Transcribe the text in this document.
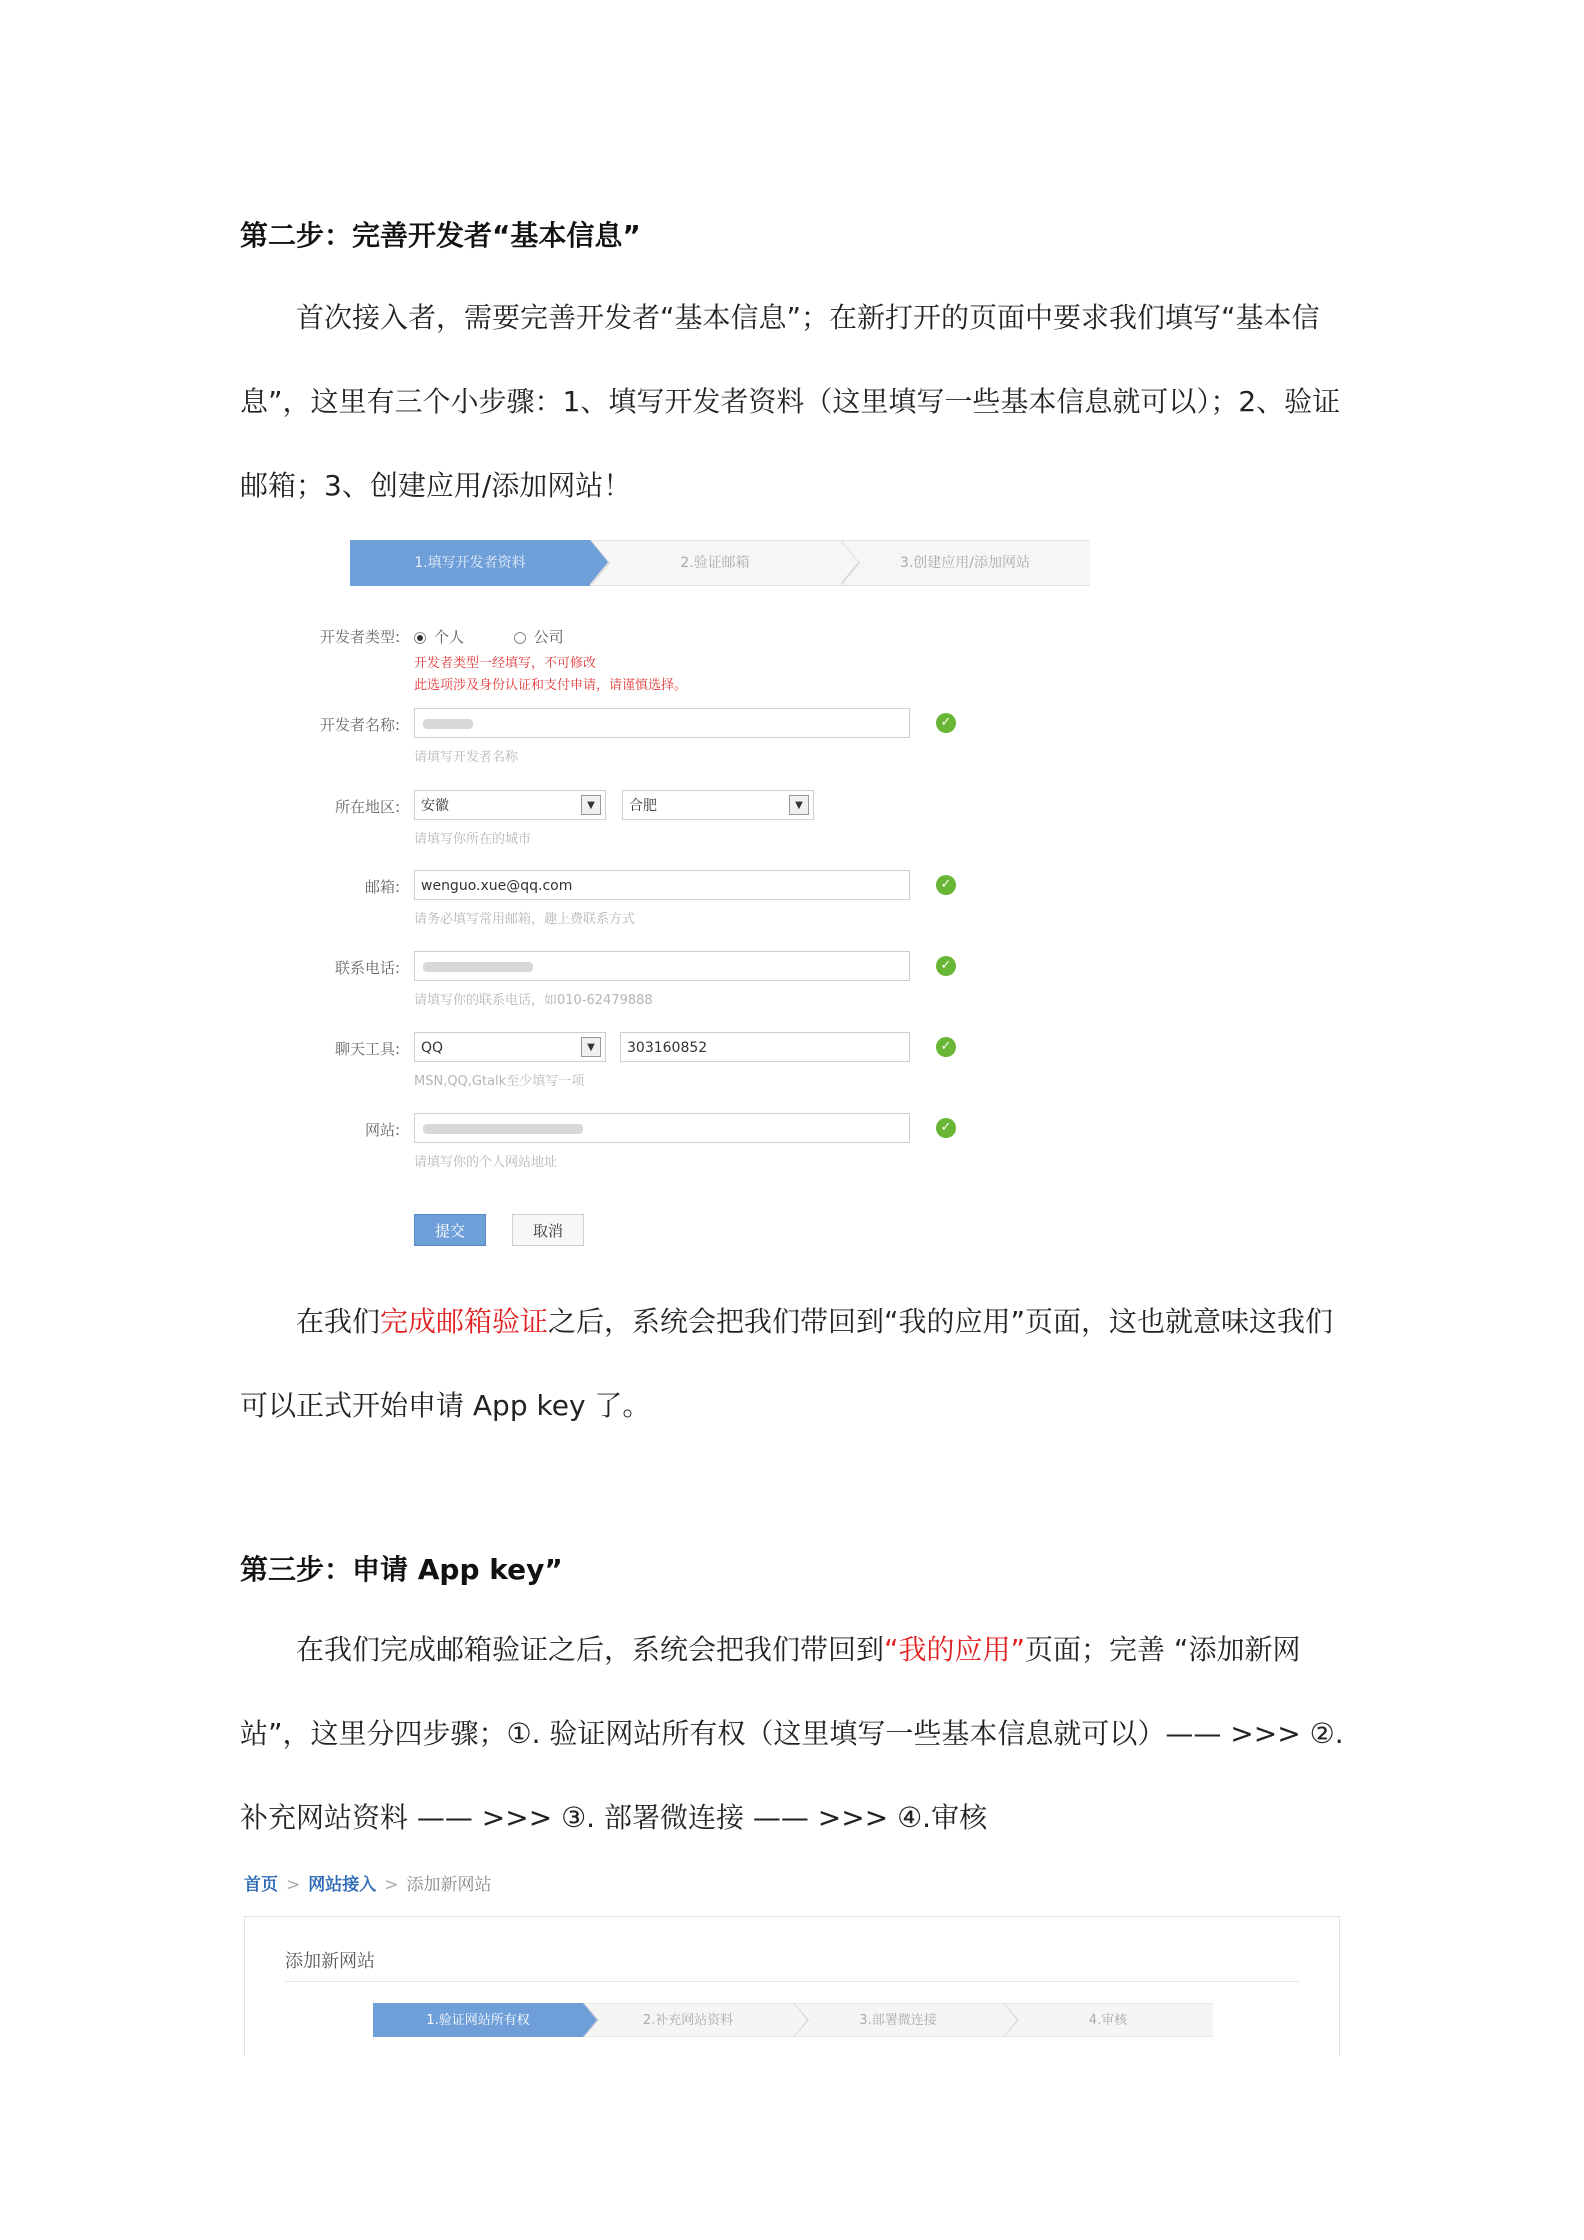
第二步：完善开发者“基本信息”
首次接入者，需要完善开发者“基本信息”；在新打开的页面中要求我们填写“基本信息”，这里有三个小步骤：1、填写开发者资料（这里填写一些基本信息就可以）；2、验证邮箱；3、创建应用/添加网站！
1.填写开发者资料	2.验证邮箱	3.创建应用/添加网站
开发者类型:	个人	公司
开发者类型一经填写，不可修改
此选项涉及身份认证和支付申请，请谨慎选择。
开发者名称:	✓
请填写开发者名称
所在地区:	安徽	▼	合肥	▼
请填写你所在的城市
邮箱:	wenguo.xue@qq.com	✓
请务必填写常用邮箱，趣上费联系方式
联系电话:	✓
请填写你的联系电话，如010-62479888
聊天工具:	QQ	▼	303160852	✓
MSN,QQ,Gtalk至少填写一项
网站:	✓
请填写你的个人网站地址
提交	取消
在我们完成邮箱验证之后，系统会把我们带回到“我的应用”页面，这也就意味这我们可以正式开始申请 App key 了。
第三步：申请 App key”
在我们完成邮箱验证之后，系统会把我们带回到“我的应用”页面；完善 “添加新网站”，这里分四步骤；①. 验证网站所有权（这里填写一些基本信息就可以）—— >>> ②. 补充网站资料 —— >>> ③. 部署微连接 —— >>> ④.审核
首页 > 网站接入 > 添加新网站
添加新网站
1.验证网站所有权	2.补充网站资料	3.部署微连接	4.审核
